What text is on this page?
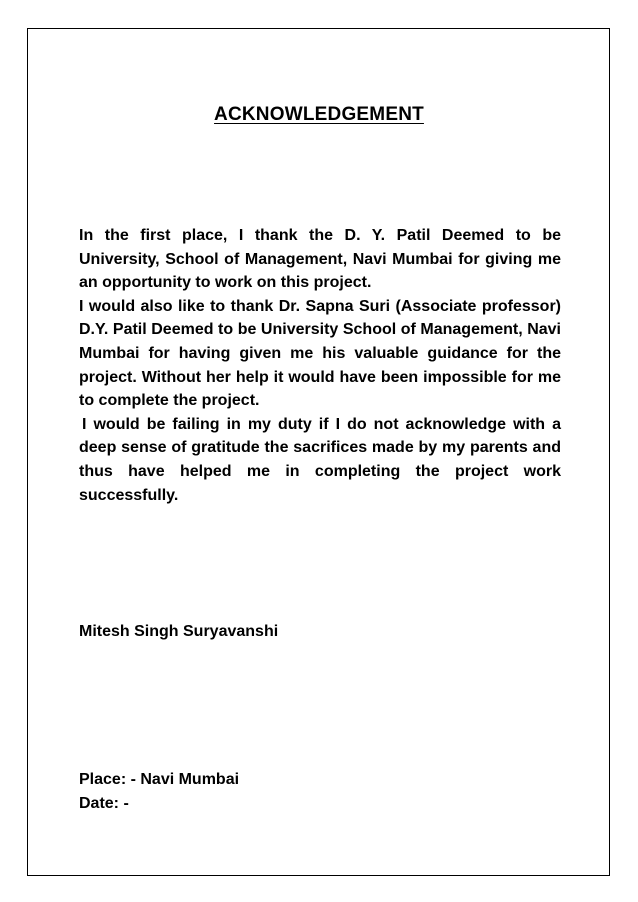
ACKNOWLEDGEMENT

In the first place, I thank the D. Y. Patil Deemed to be University, School of Management, Navi Mumbai for giving me an opportunity to work on this project.

I would also like to thank Dr. Sapna Suri (Associate professor) D.Y. Patil Deemed to be University School of Management, Navi Mumbai for having given me his valuable guidance for the project. Without her help it would have been impossible for me to complete the project.

I would be failing in my duty if I do not acknowledge with a deep sense of gratitude the sacrifices made by my parents and thus have helped me in completing the project work successfully.

Mitesh Singh Suryavanshi
Place: - Navi Mumbai
Date: -
